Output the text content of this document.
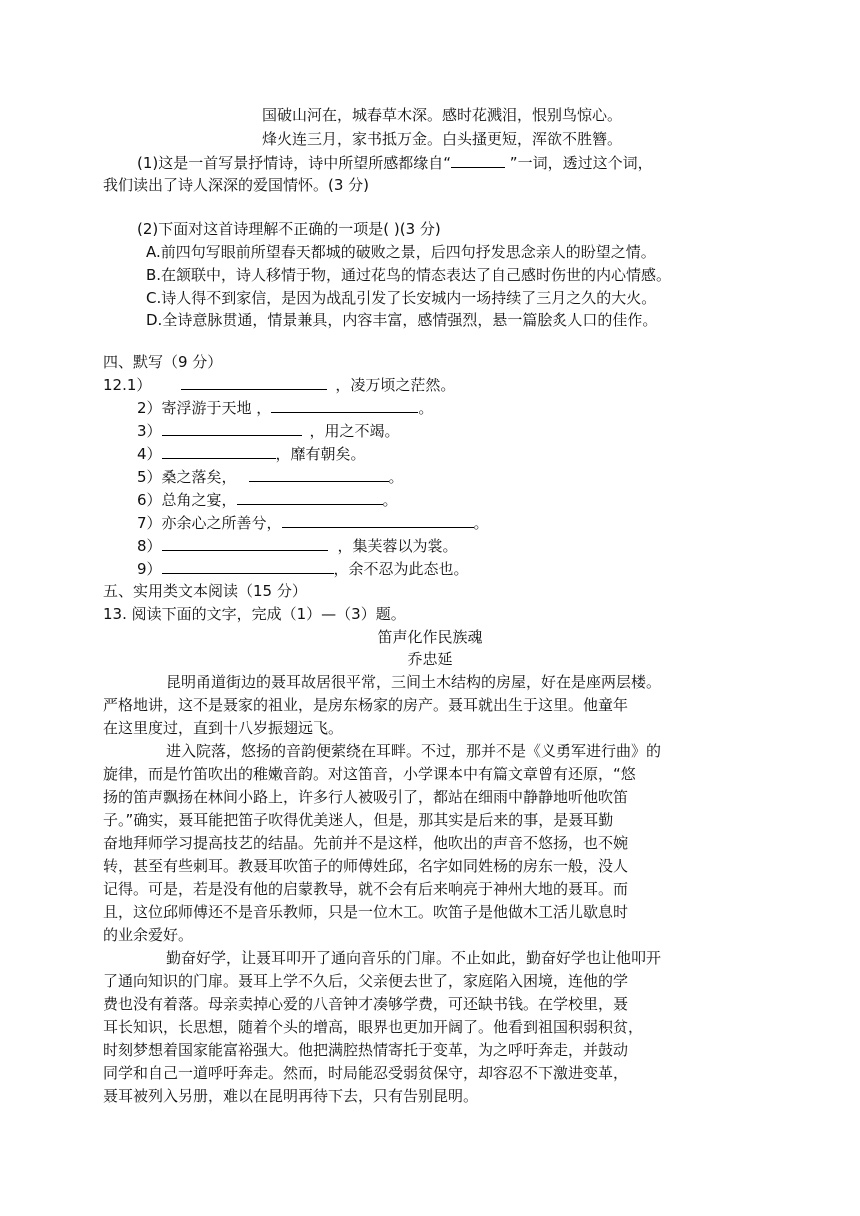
国破山河在，城春草木深。感时花溅泪，恨别鸟惊心。
烽火连三月，家书抵万金。白头搔更短，浑欲不胜簪。
(1)这是一首写景抒情诗，诗中所望所感都缘自“	”一词，透过这个词，
我们读出了诗人深深的爱国情怀。(3 分)
(2)下面对这首诗理解不正确的一项是( )(3 分)
A.前四句写眼前所望春天都城的破败之景，后四句抒发思念亲人的盼望之情。
B.在颔联中，诗人移情于物，通过花鸟的情态表达了自己感时伤世的内心情感。
C.诗人得不到家信，是因为战乱引发了长安城内一场持续了三月之久的大火。
D.全诗意脉贯通，情景兼具，内容丰富，感情强烈，悬一篇脍炙人口的佳作。
四、默写（9 分）
12.1）	，凌万顷之茫然。
2）寄浮游于天地 ，	。
3）	，用之不竭。
4）	，靡有朝矣。
5）桑之落矣，	。
6）总角之宴，	。
7）亦余心之所善兮，	。
8）	，集芙蓉以为裳。
9）	，余不忍为此态也。
五、实用类文本阅读（15 分）
13. 阅读下面的文字，完成（1）—（3）题。
笛声化作民族魂
乔忠延
昆明甬道街边的聂耳故居很平常，三间土木结构的房屋，好在是座两层楼。
严格地讲，这不是聂家的祖业，是房东杨家的房产。聂耳就出生于这里。他童年
在这里度过，直到十八岁振翅远飞。
进入院落，悠扬的音韵便萦绕在耳畔。不过，那并不是《义勇军进行曲》的
旋律，而是竹笛吹出的稚嫩音韵。对这笛音，小学课本中有篇文章曾有还原，“悠
扬的笛声飘扬在林间小路上，许多行人被吸引了，都站在细雨中静静地听他吹笛
子。”确实，聂耳能把笛子吹得优美迷人，但是，那其实是后来的事，是聂耳勤
奋地拜师学习提高技艺的结晶。先前并不是这样，他吹出的声音不悠扬，也不婉
转，甚至有些刺耳。教聂耳吹笛子的师傅姓邱，名字如同姓杨的房东一般，没人
记得。可是，若是没有他的启蒙教导，就不会有后来响亮于神州大地的聂耳。而
且，这位邱师傅还不是音乐教师，只是一位木工。吹笛子是他做木工活儿歇息时
的业余爱好。
勤奋好学，让聂耳叩开了通向音乐的门扉。不止如此，勤奋好学也让他叩开
了通向知识的门扉。聂耳上学不久后，父亲便去世了，家庭陷入困境，连他的学
费也没有着落。母亲卖掉心爱的八音钟才凑够学费，可还缺书钱。在学校里，聂
耳长知识，长思想，随着个头的增高，眼界也更加开阔了。他看到祖国积弱积贫，
时刻梦想着国家能富裕强大。他把满腔热情寄托于变革，为之呼吁奔走，并鼓动
同学和自己一道呼吁奔走。然而，时局能忍受弱贫保守，却容忍不下激进变革，
聂耳被列入另册，难以在昆明再待下去，只有告别昆明。
